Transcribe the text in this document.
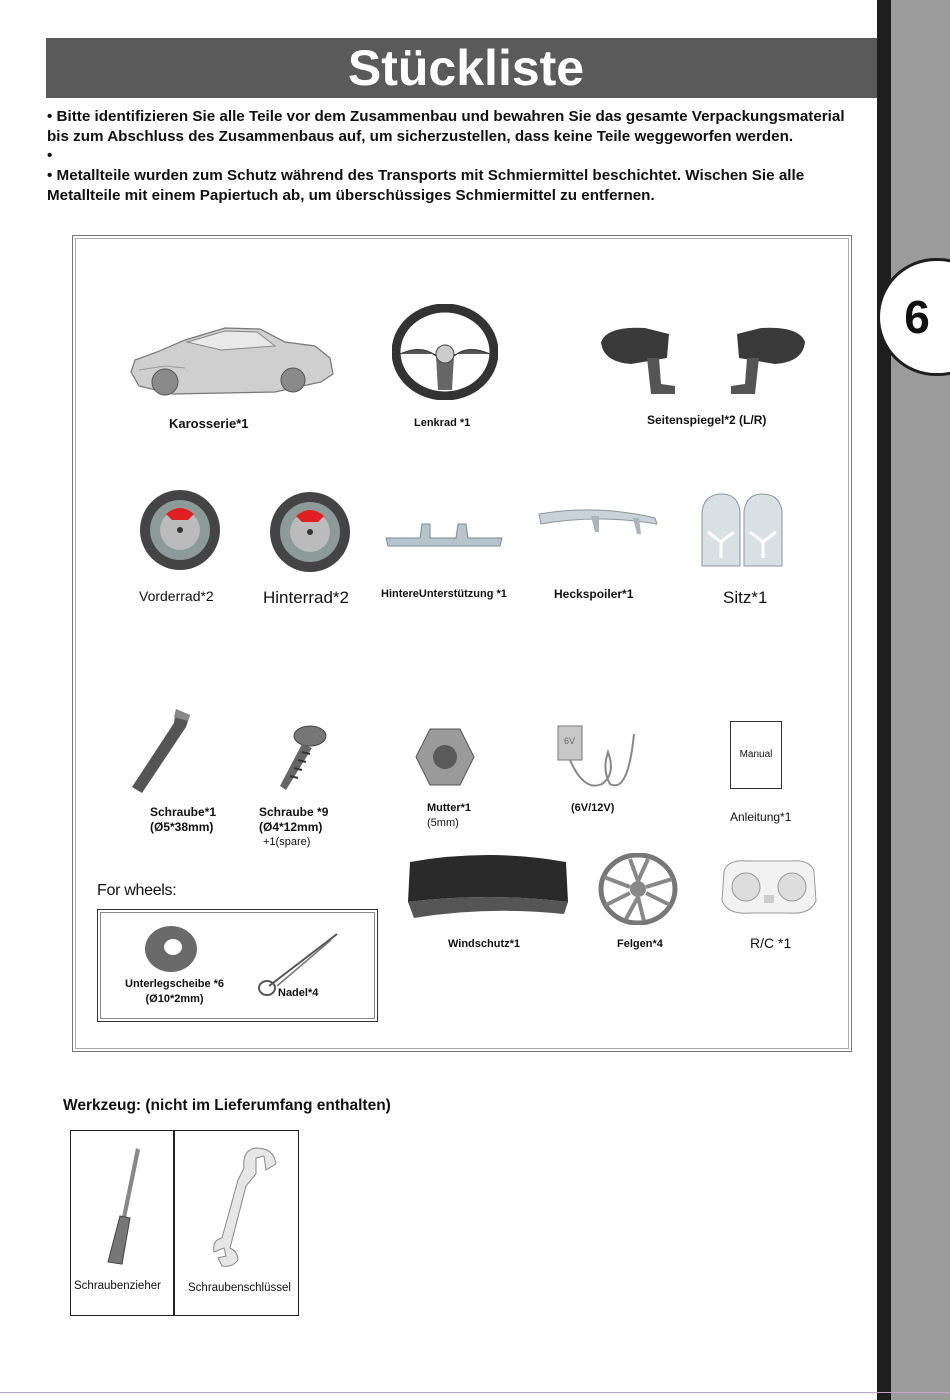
6
Stückliste

• Bitte identifizieren Sie alle Teile vor dem Zusammenbau und bewahren Sie das gesamte Verpackungsmaterial bis zum Abschluss des Zusammenbaus auf, um sicherzustellen, dass keine Teile weggeworfen werden.

•

• Metallteile wurden zum Schutz während des Transports mit Schmiermittel beschichtet. Wischen Sie alle Metallteile mit einem Papiertuch ab, um überschüssiges Schmiermittel zu entfernen.

Karosserie*1	Lenkrad *1	Seitenspiegel*2 (L/R)
Vorderrad*2	Hinterrad*2	HintereUnterstützung *1	Heckspoiler*1	Sitz*1
6V
Manual
Schraube*1
(Ø5*38mm)
Schraube *9
(Ø4*12mm)
+1(spare)
Mutter*1
(5mm)
(6V/12V)
Anleitung*1
Windschutz*1	Felgen*4	R/C *1
For wheels:
Unterlegscheibe *6
(Ø10*2mm)	Nadel*4
Werkzeug: (nicht im Lieferumfang enthalten)
Schraubenzieher Schraubenschlüssel
